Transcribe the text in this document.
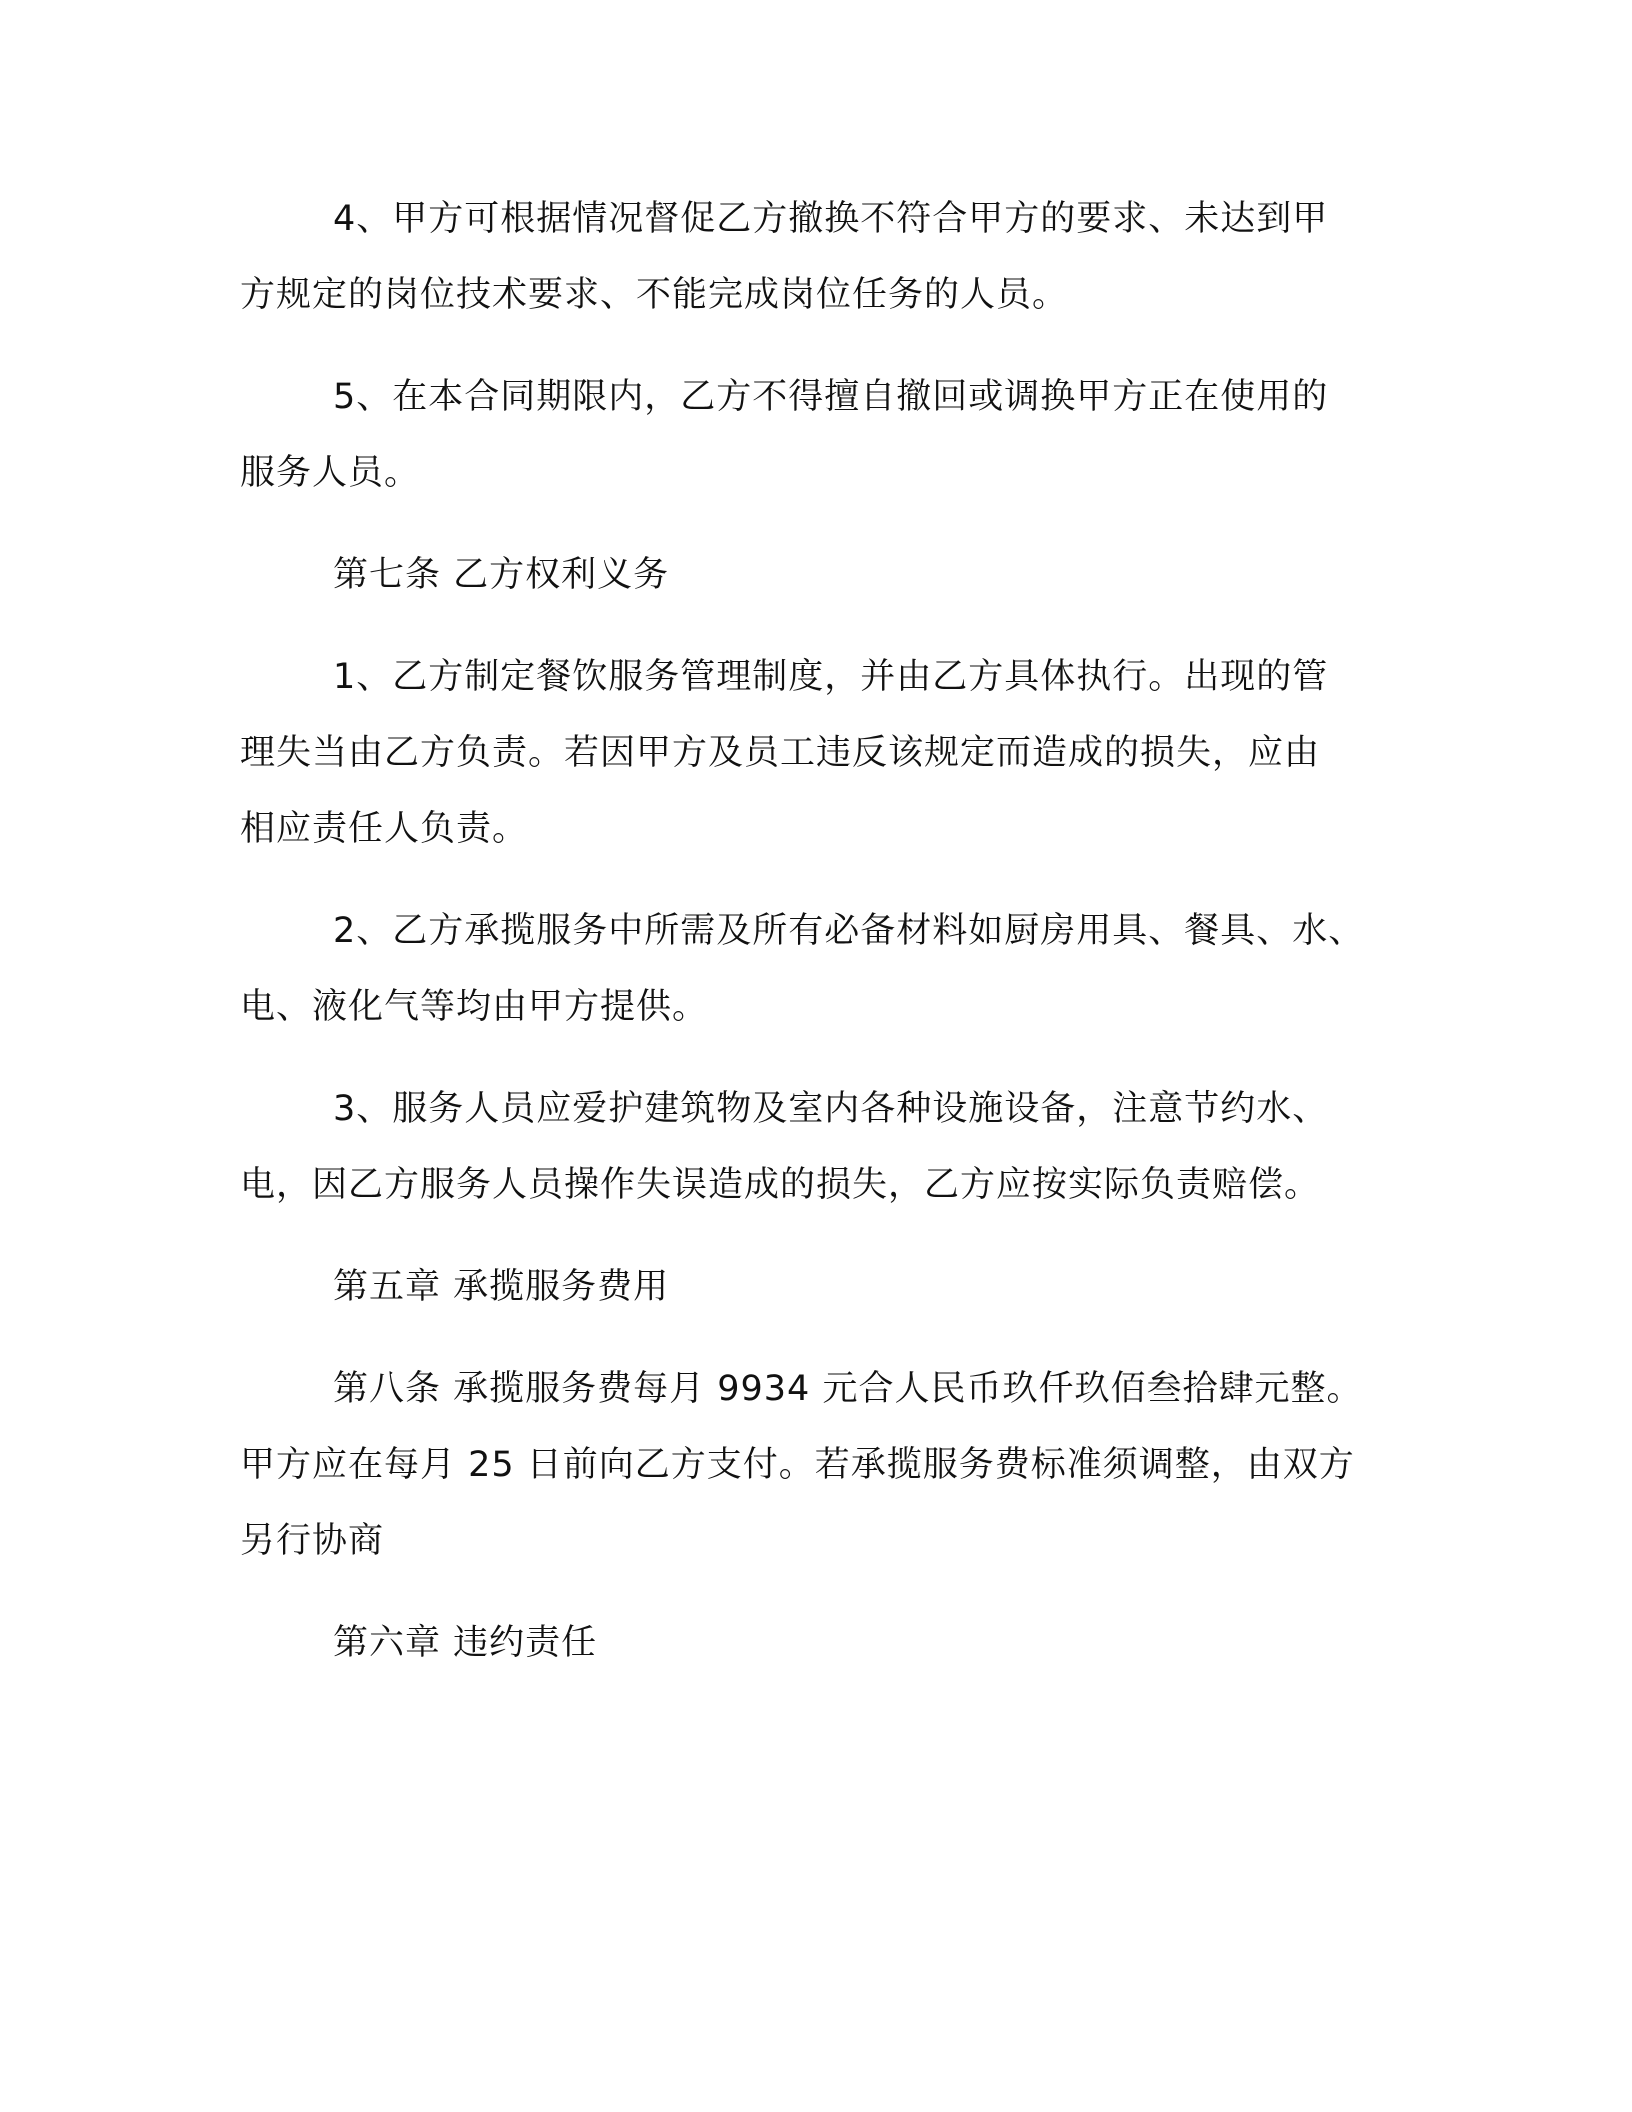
4、甲方可根据情况督促乙方撤换不符合甲方的要求、未达到甲
方规定的岗位技术要求、不能完成岗位任务的人员。
5、在本合同期限内，乙方不得擅自撤回或调换甲方正在使用的
服务人员。
第七条 乙方权利义务
1、乙方制定餐饮服务管理制度，并由乙方具体执行。出现的管
理失当由乙方负责。若因甲方及员工违反该规定而造成的损失，应由
相应责任人负责。
2、乙方承揽服务中所需及所有必备材料如厨房用具、餐具、水、
电、液化气等均由甲方提供。
3、服务人员应爱护建筑物及室内各种设施设备，注意节约水、
电，因乙方服务人员操作失误造成的损失，乙方应按实际负责赔偿。
第五章 承揽服务费用
第八条 承揽服务费每月 9934 元合人民币玖仟玖佰叁拾肆元整。
甲方应在每月 25 日前向乙方支付。若承揽服务费标准须调整，由双方
另行协商
第六章 违约责任
